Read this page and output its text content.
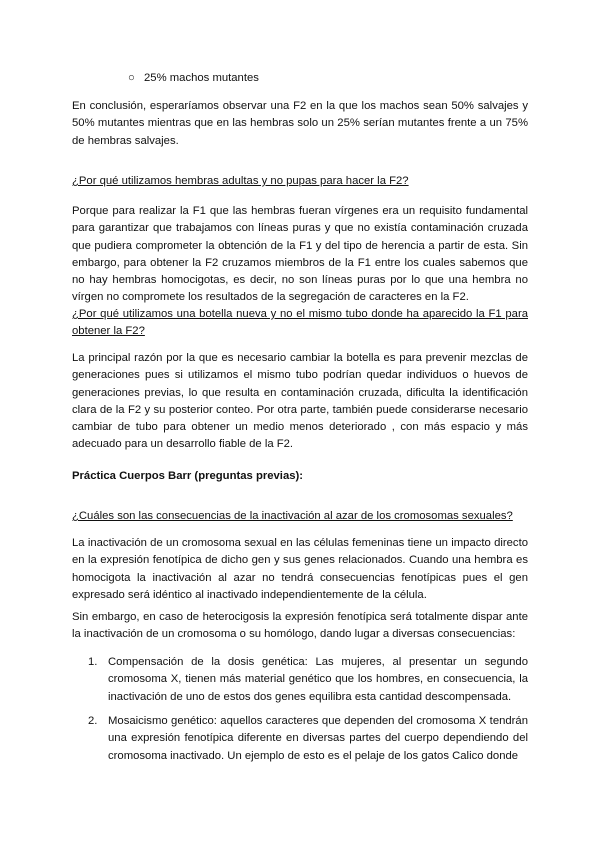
○ 25% machos mutantes

En conclusión, esperaríamos observar una F2 en la que los machos sean 50% salvajes y 50% mutantes mientras que en las hembras solo un 25% serían mutantes frente a un 75% de hembras salvajes.

¿Por qué utilizamos hembras adultas y no pupas para hacer la F2?

Porque para realizar la F1 que las hembras fueran vírgenes era un requisito fundamental para garantizar que trabajamos con líneas puras y que no existía contaminación cruzada que pudiera comprometer la obtención de la F1 y del tipo de herencia a partir de esta. Sin embargo, para obtener la F2 cruzamos miembros de la F1 entre los cuales sabemos que no hay hembras homocigotas, es decir, no son líneas puras por lo que una hembra no vírgen no compromete los resultados de la segregación de caracteres en la F2.

¿Por qué utilizamos una botella nueva y no el mismo tubo donde ha aparecido la F1 para obtener la F2?

La principal razón por la que es necesario cambiar la botella es para prevenir mezclas de generaciones pues si utilizamos el mismo tubo podrían quedar individuos o huevos de generaciones previas, lo que resulta en contaminación cruzada, dificulta la identificación clara de la F2 y su posterior conteo. Por otra parte, también puede considerarse necesario cambiar de tubo para obtener un medio menos deteriorado , con más espacio y más adecuado para un desarrollo fiable de la F2.

Práctica Cuerpos Barr (preguntas previas):

¿Cuáles son las consecuencias de la inactivación al azar de los cromosomas sexuales?

La inactivación de un cromosoma sexual en las células femeninas tiene un impacto directo en la expresión fenotípica de dicho gen y sus genes relacionados. Cuando una hembra es homocigota la inactivación al azar no tendrá consecuencias fenotípicas pues el gen expresado será idéntico al inactivado independientemente de la célula.

Sin embargo, en caso de heterocigosis la expresión fenotípica será totalmente dispar ante la inactivación de un cromosoma o su homólogo, dando lugar a diversas consecuencias:

1. Compensación de la dosis genética: Las mujeres, al presentar un segundo cromosoma X, tienen más material genético que los hombres, en consecuencia, la inactivación de uno de estos dos genes equilibra esta cantidad descompensada.
2. Mosaicismo genético: aquellos caracteres que dependen del cromosoma X tendrán una expresión fenotípica diferente en diversas partes del cuerpo dependiendo del cromosoma inactivado. Un ejemplo de esto es el pelaje de los gatos Calico donde
